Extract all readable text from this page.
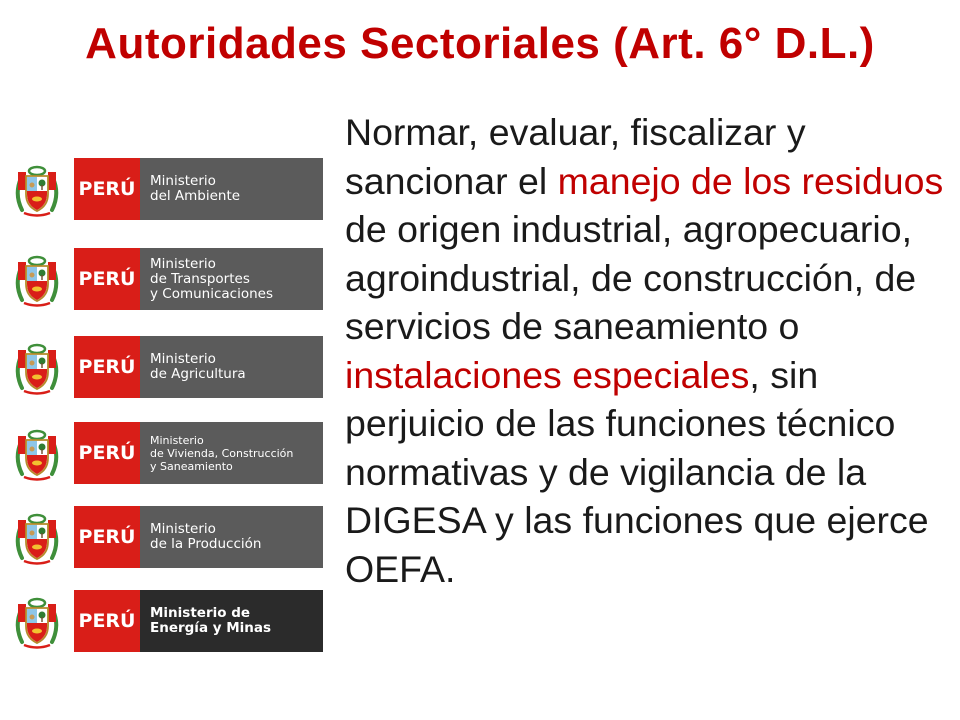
Autoridades Sectoriales (Art. 6° D.L.)
PERÚ	Ministerio
del Ambiente
PERÚ
Ministerio
de Transportes
y Comunicaciones
PERÚ	Ministerio
de Agricultura
PERÚ
Ministerio
de Vivienda, Construcción
y Saneamiento
PERÚ	Ministerio
de la Producción
PERÚ	Ministerio de
Energía y Minas

Normar, evaluar, fiscalizar y sancionar el manejo de los residuos de origen industrial, agropecuario, agroindustrial, de construcción, de servicios de saneamiento o instalaciones especiales, sin perjuicio de las funciones técnico normativas y de vigilancia de la DIGESA y las funciones que ejerce OEFA.
